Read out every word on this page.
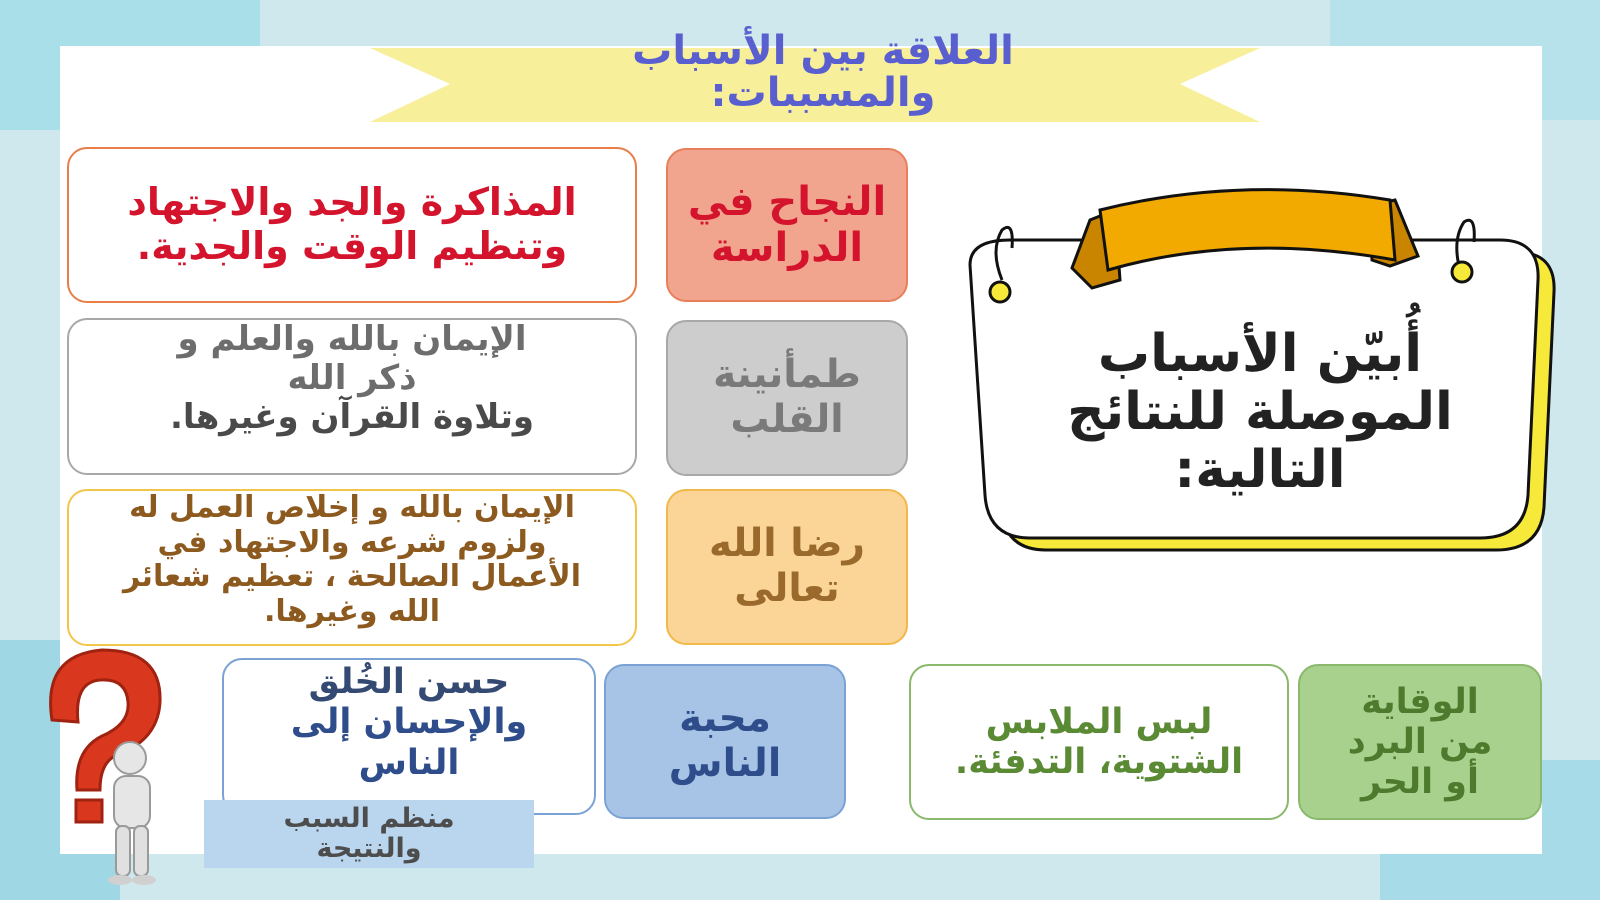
العلاقة بين الأسباب
والمسببات:
أُبيّن الأسباب
الموصلة للنتائج
التالية:
النجاح في
الدراسة
المذاكرة والجد والاجتهاد
وتنظيم الوقت والجدية.
طمأنينة
القلب
الإيمان بالله والعلم و
ذكر الله
وتلاوة القرآن وغيرها.
رضا الله
تعالى
الإيمان بالله و إخلاص العمل له
ولزوم شرعه والاجتهاد في
الأعمال الصالحة ، تعظيم شعائر
الله وغيرها.
محبة
الناس
حسن الخُلق
والإحسان إلى
الناس
الوقاية
من البرد
أو الحر
لبس الملابس
الشتوية، التدفئة.
منظم السبب
والنتيجة
